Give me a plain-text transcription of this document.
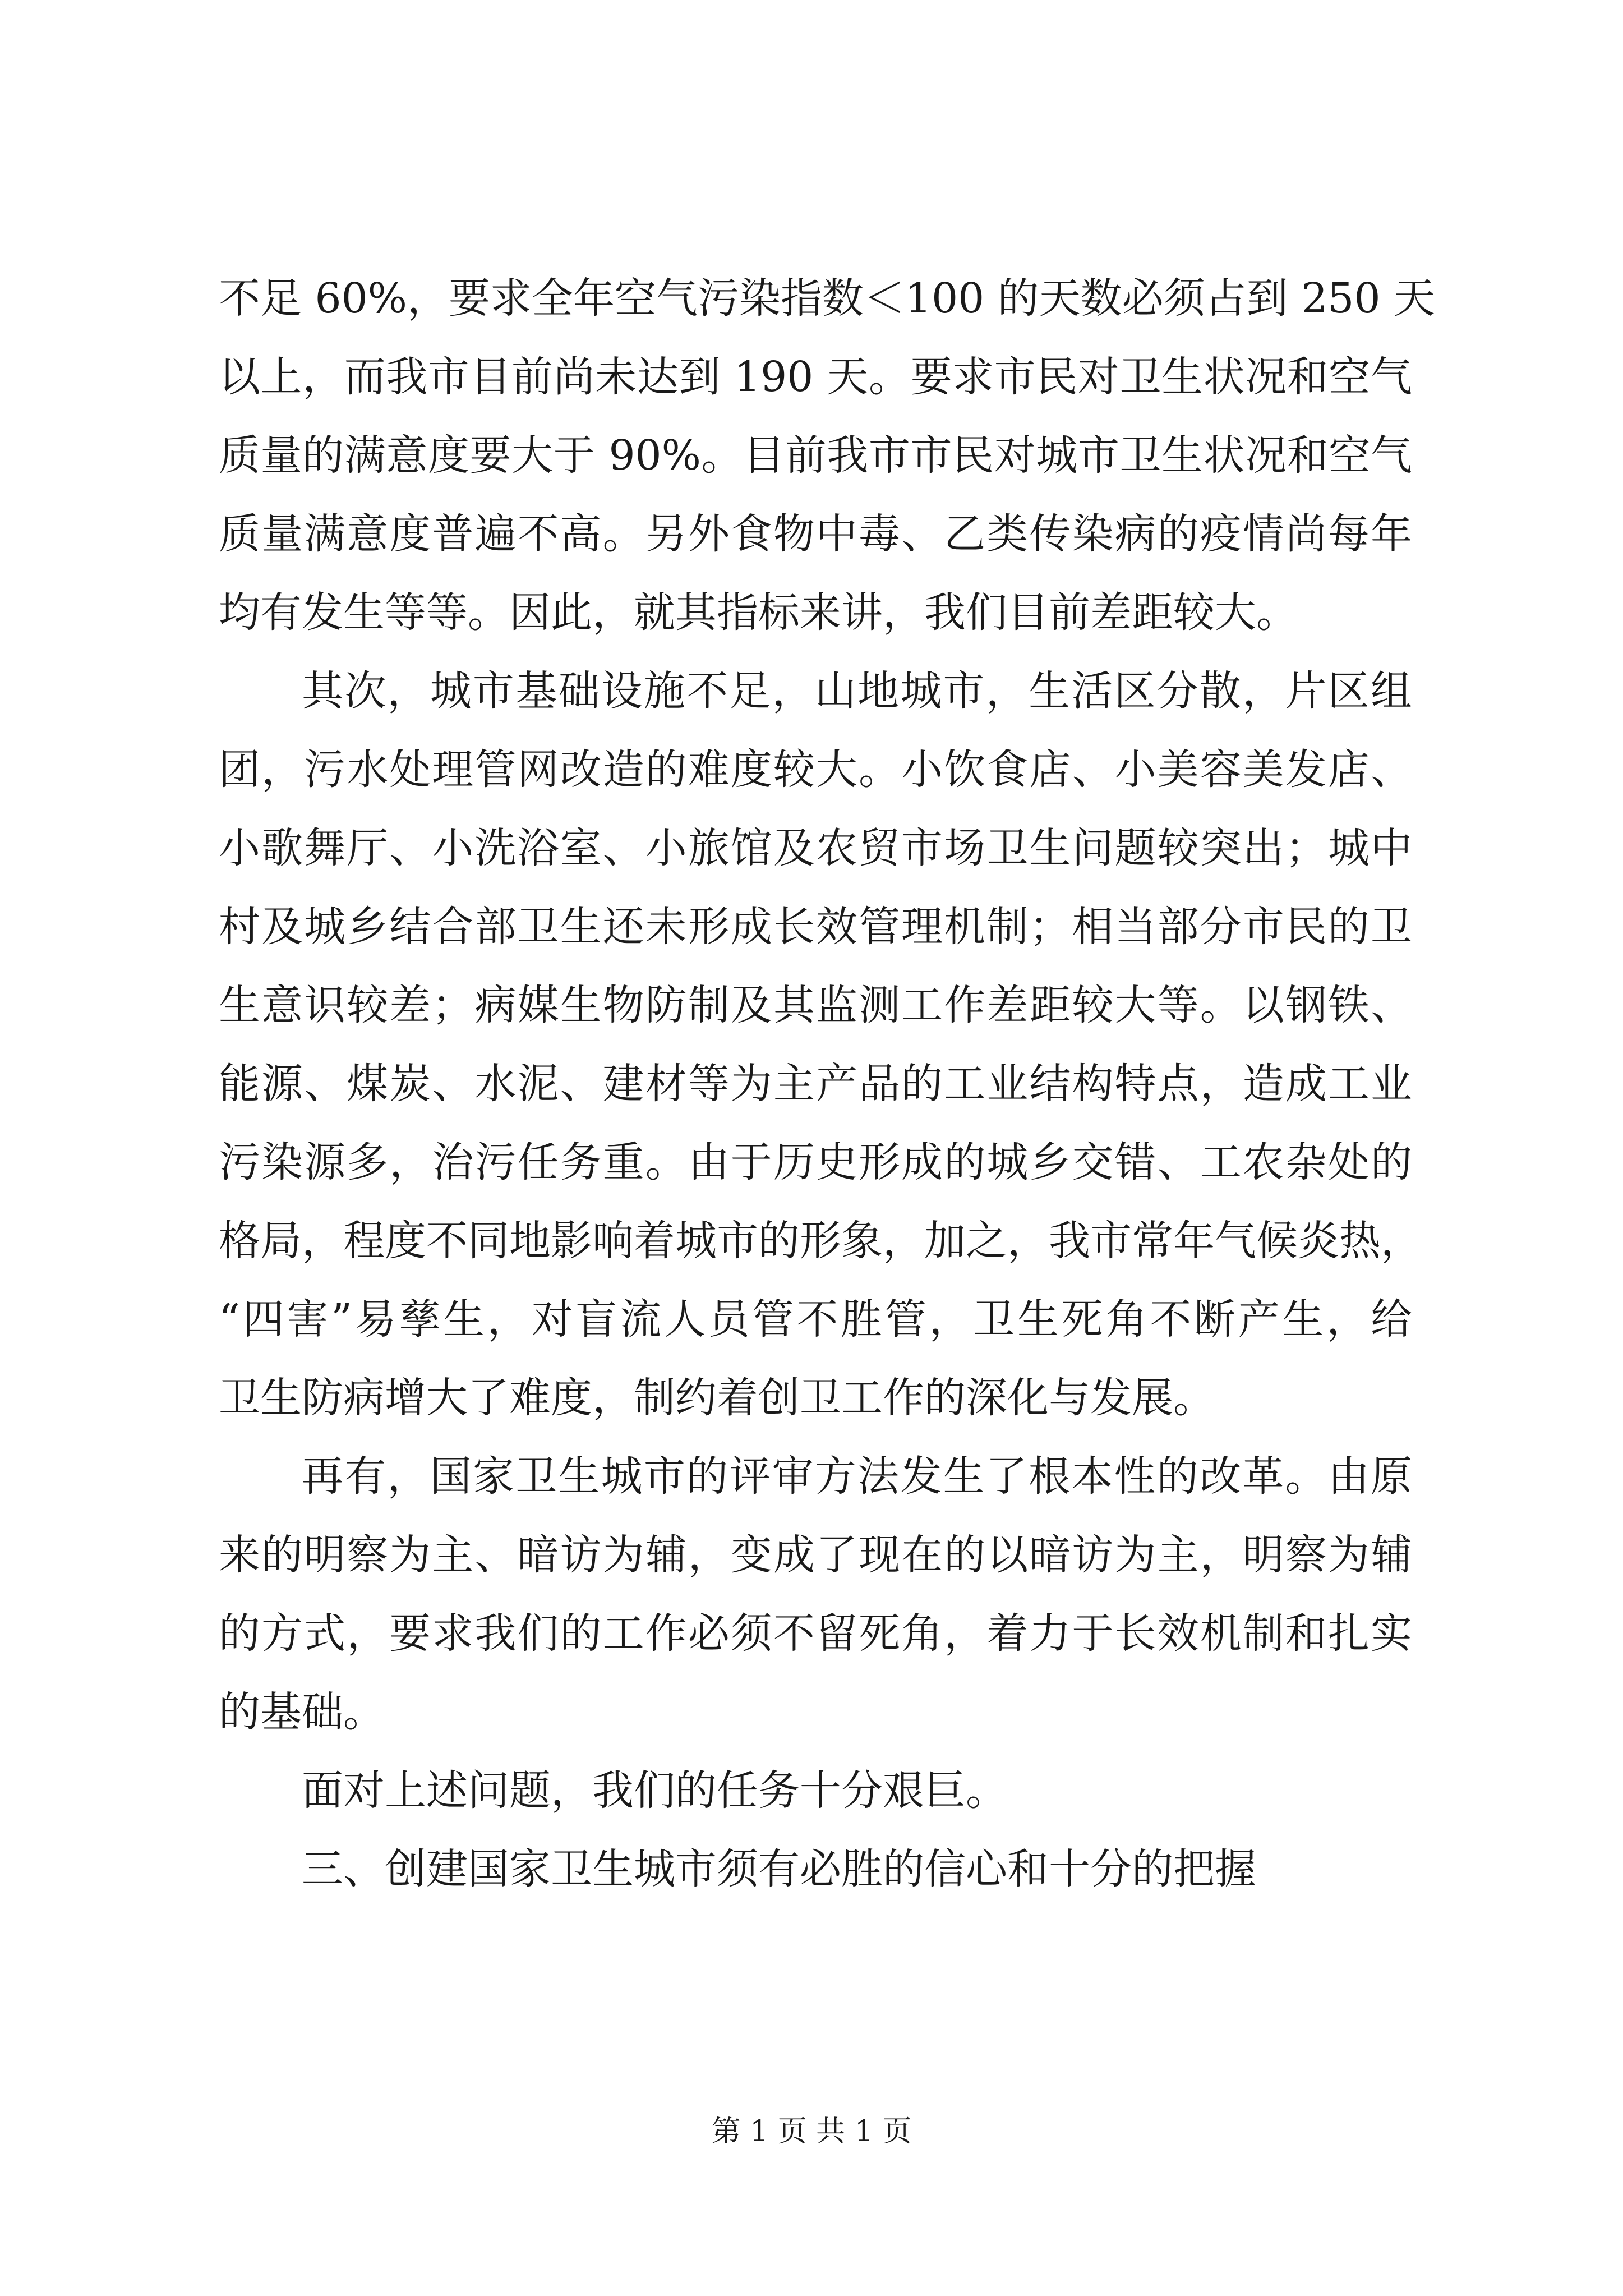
不足 60%，要求全年空气污染指数＜100 的天数必须占到 250 天
以上，而我市目前尚未达到 190 天。要求市民对卫生状况和空气
质量的满意度要大于 90%。目前我市市民对城市卫生状况和空气
质量满意度普遍不高。另外食物中毒、乙类传染病的疫情尚每年
均有发生等等。因此，就其指标来讲，我们目前差距较大。
其次，城市基础设施不足，山地城市，生活区分散，片区组
团，污水处理管网改造的难度较大。小饮食店、小美容美发店、
小歌舞厅、小洗浴室、小旅馆及农贸市场卫生问题较突出；城中
村及城乡结合部卫生还未形成长效管理机制；相当部分市民的卫
生意识较差；病媒生物防制及其监测工作差距较大等。以钢铁、
能源、煤炭、水泥、建材等为主产品的工业结构特点，造成工业
污染源多，治污任务重。由于历史形成的城乡交错、工农杂处的
格局，程度不同地影响着城市的形象，加之，我市常年气候炎热，
“四害”易孳生，对盲流人员管不胜管，卫生死角不断产生，给
卫生防病增大了难度，制约着创卫工作的深化与发展。
再有，国家卫生城市的评审方法发生了根本性的改革。由原
来的明察为主、暗访为辅，变成了现在的以暗访为主，明察为辅
的方式，要求我们的工作必须不留死角，着力于长效机制和扎实
的基础。
面对上述问题，我们的任务十分艰巨。
三、创建国家卫生城市须有必胜的信心和十分的把握
第 1 页 共 1 页
